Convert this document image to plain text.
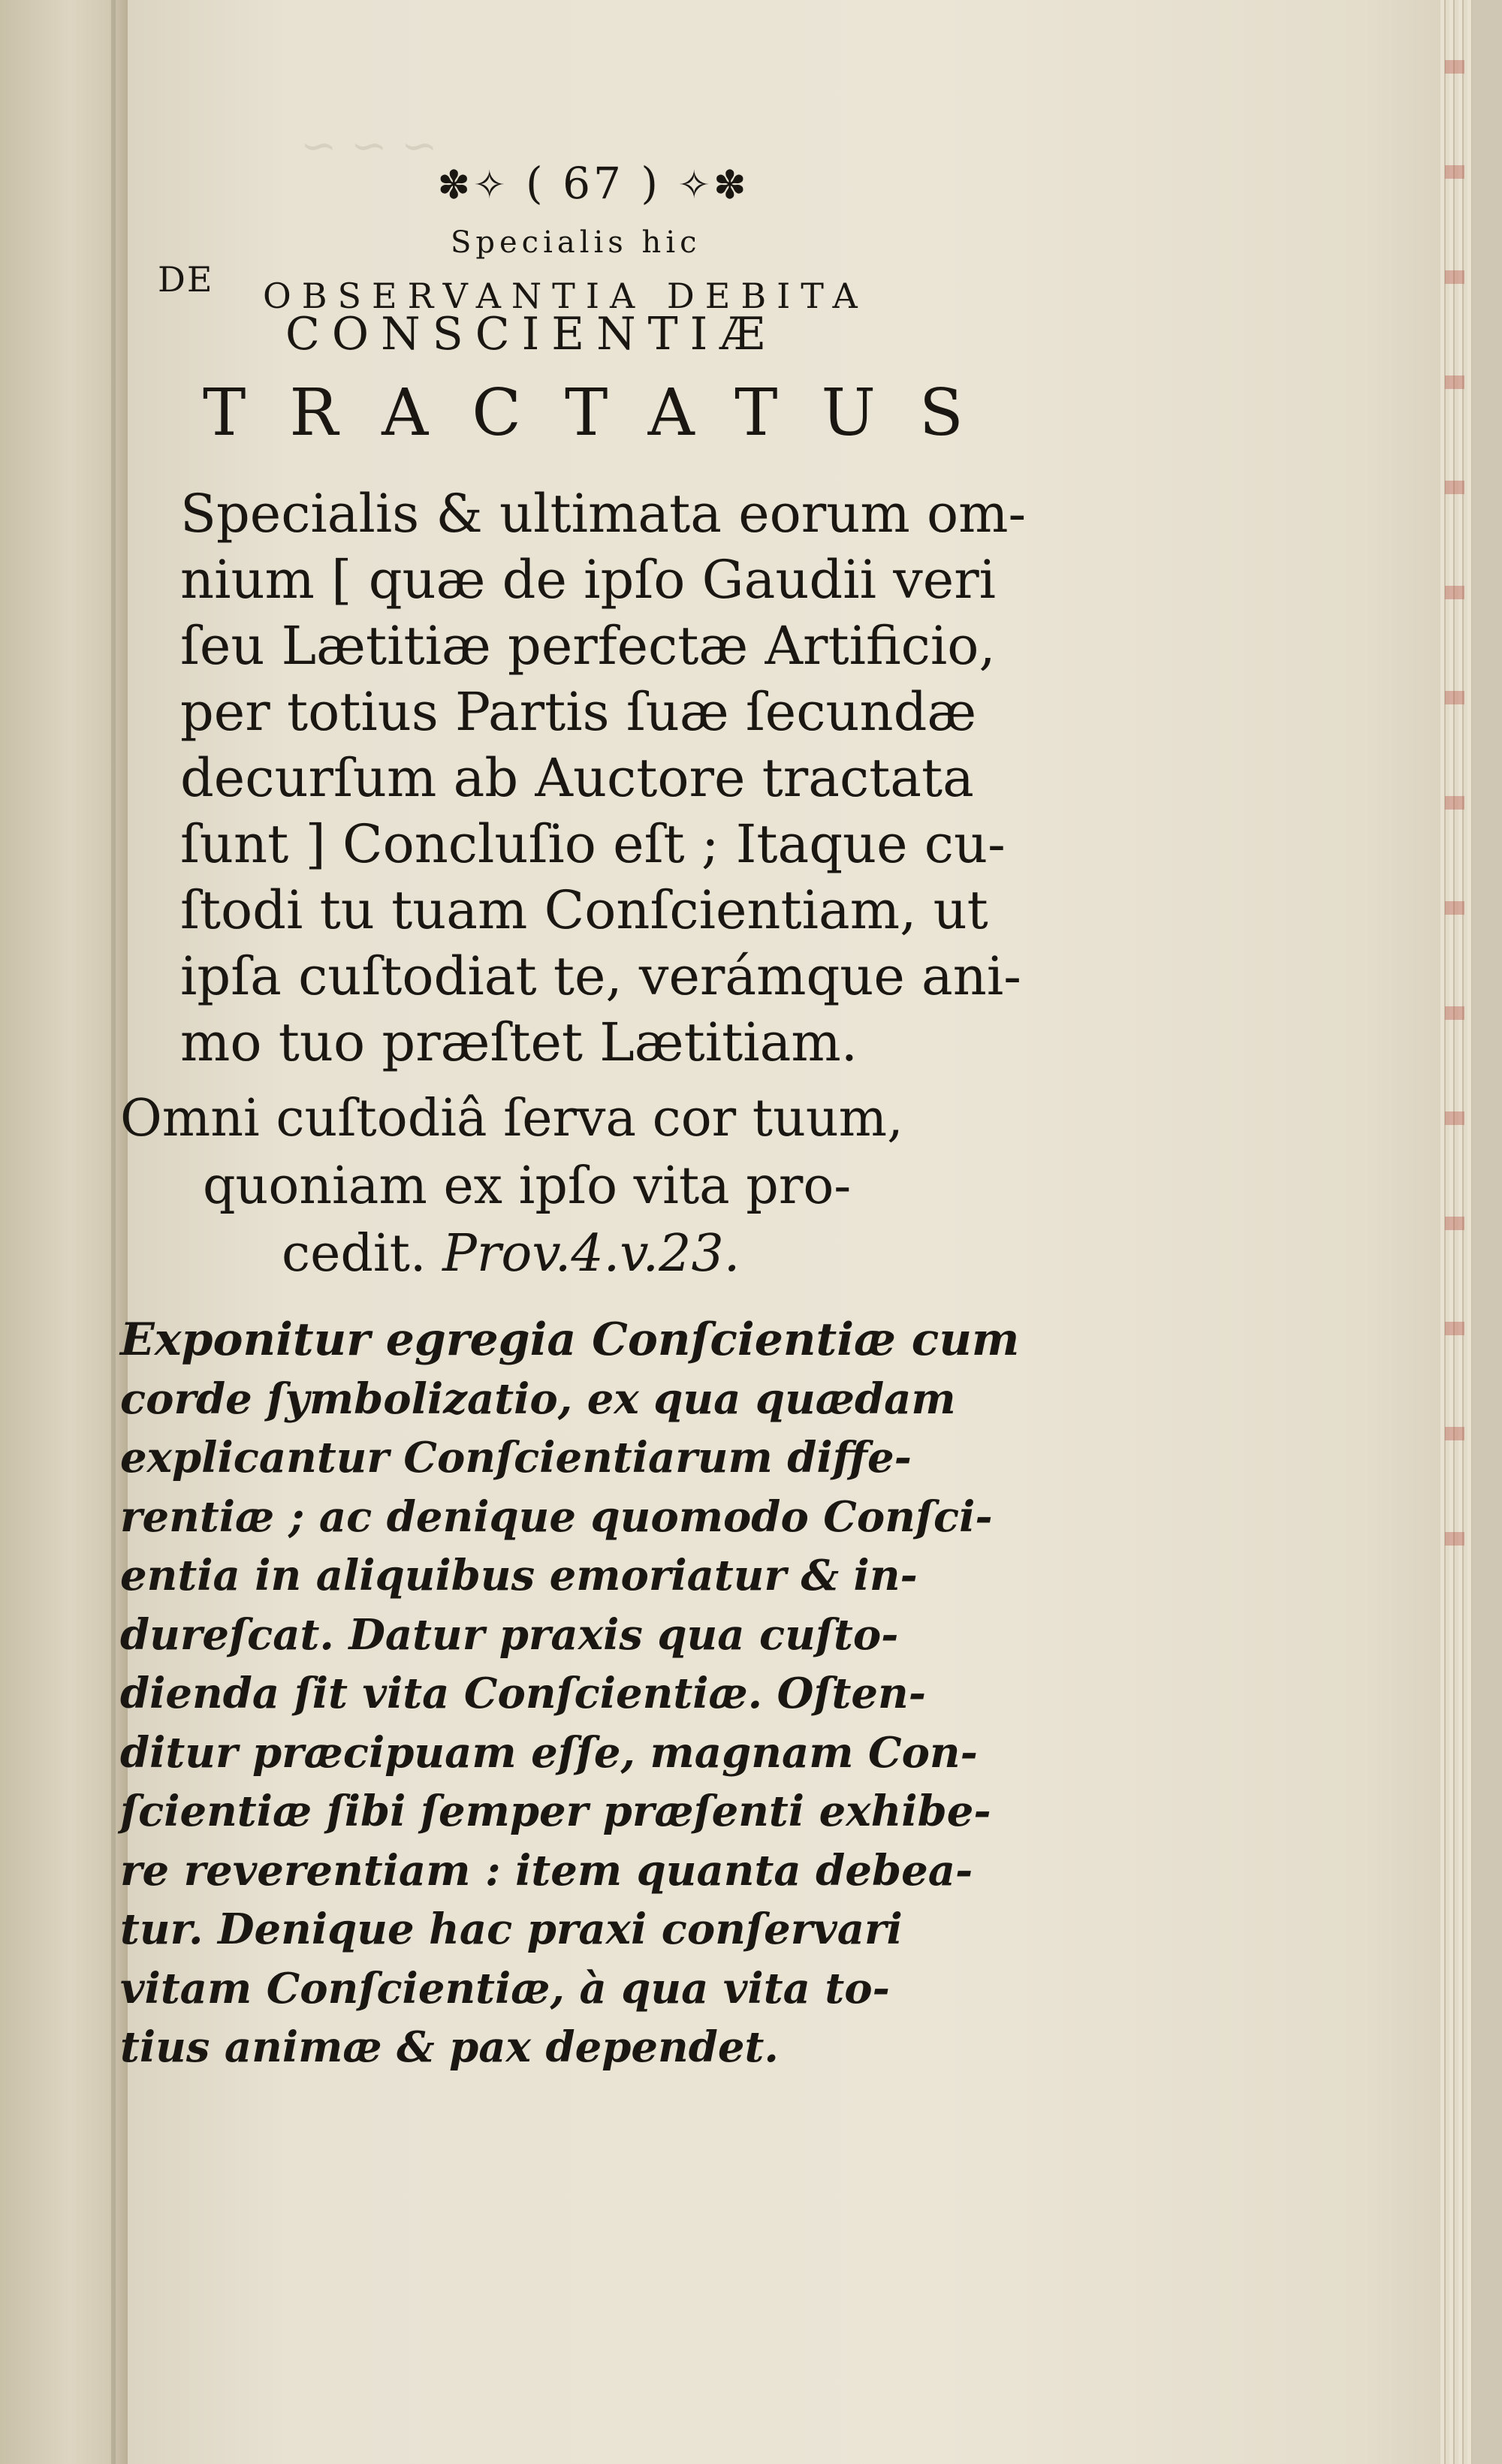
~ ~ ~
✽✧ ( 67 ) ✧✽
Specialis hic
DE OBSERVANTIA DEBITA
CONSCIENTIÆ
TRACTATUS

Specialis & ultimata eorum om-

nium [ quæ de ipſo Gaudii veri

ſeu Lætitiæ perfectæ Artificio,

per totius Partis ſuæ ſecundæ

decurſum ab Auctore tractata

ſunt ] Concluſio eſt ; Itaque cu-

ſtodi tu tuam Conſcientiam, ut

ipſa cuſtodiat te, verámque ani-

mo tuo præſtet Lætitiam.

Omni cuſtodiâ ſerva cor tuum,

quoniam ex ipſo vita pro-

cedit. Prov.4.v.23.

Exponitur egregia Conſcientiæ cum

corde ſymbolizatio, ex qua quædam

explicantur Conſcientiarum diffe-

rentiæ ; ac denique quomodo Conſci-

entia in aliquibus emoriatur & in-

dureſcat. Datur praxis qua cuſto-

dienda ſit vita Conſcientiæ. Oſten-

ditur præcipuam eſſe, magnam Con-

ſcientiæ ſibi ſemper præſenti exhibe-

re reverentiam : item quanta debea-

tur. Denique hac praxi conſervari

vitam Conſcientiæ, à qua vita to-

tius animæ & pax dependet.
